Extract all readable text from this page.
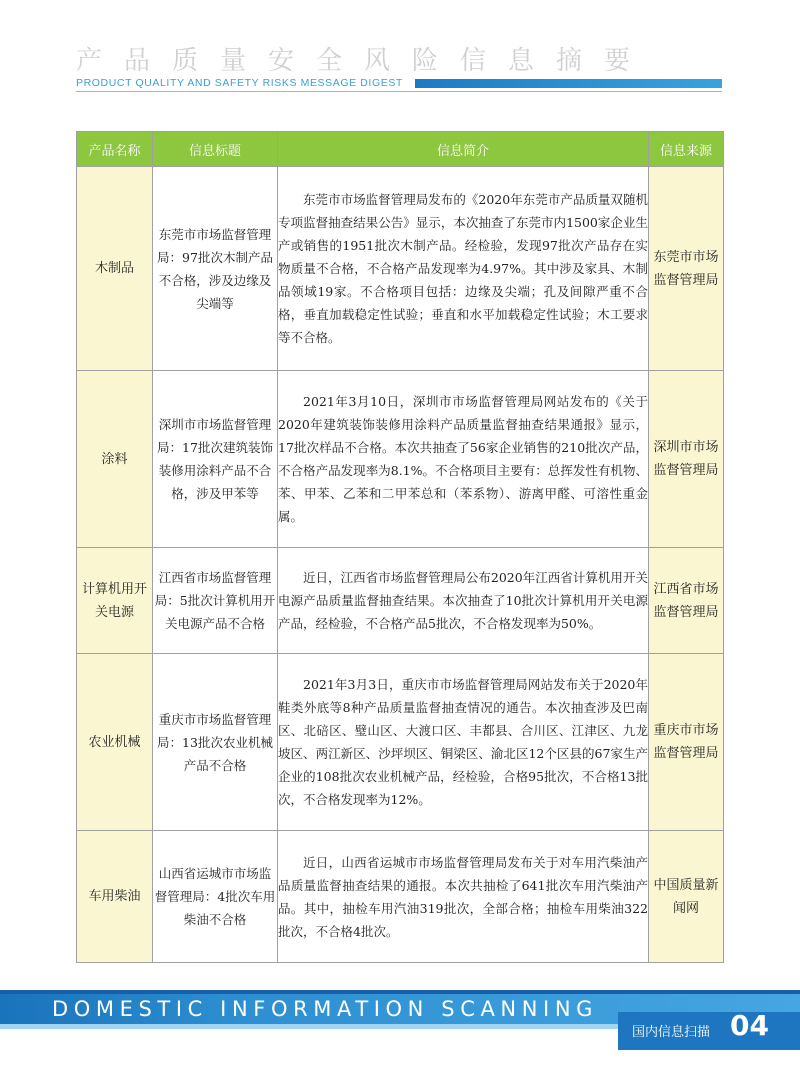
产品质量安全风险信息摘要
PRODUCT QUALITY AND SAFETY RISKS MESSAGE DIGEST
产品名称	信息标题	信息简介	信息来源
木制品	东莞市市场监督管理局：97批次木制产品不合格，涉及边缘及尖端等	东莞市市场监督管理局发布的《2020年东莞市产品质量双随机专项监督抽查结果公告》显示，本次抽查了东莞市内1500家企业生产或销售的1951批次木制产品。经检验，发现97批次产品存在实物质量不合格，不合格产品发现率为4.97%。其中涉及家具、木制品领域19家。不合格项目包括：边缘及尖端；孔及间隙严重不合格，垂直加载稳定性试验；垂直和水平加载稳定性试验；木工要求等不合格。	东莞市市场监督管理局
涂料	深圳市市场监督管理局：17批次建筑装饰装修用涂料产品不合格，涉及甲苯等	2021年3月10日，深圳市市场监督管理局网站发布的《关于2020年建筑装饰装修用涂料产品质量监督抽查结果通报》显示，17批次样品不合格。本次共抽查了56家企业销售的210批次产品，不合格产品发现率为8.1%。不合格项目主要有：总挥发性有机物、苯、甲苯、乙苯和二甲苯总和（苯系物）、游离甲醛、可溶性重金属。	深圳市市场监督管理局
计算机用开关电源	江西省市场监督管理局：5批次计算机用开关电源产品不合格	近日，江西省市场监督管理局公布2020年江西省计算机用开关电源产品质量监督抽查结果。本次抽查了10批次计算机用开关电源产品，经检验，不合格产品5批次，不合格发现率为50%。	江西省市场监督管理局
农业机械	重庆市市场监督管理局：13批次农业机械产品不合格	2021年3月3日，重庆市市场监督管理局网站发布关于2020年鞋类外底等8种产品质量监督抽查情况的通告。本次抽查涉及巴南区、北碚区、璧山区、大渡口区、丰都县、合川区、江津区、九龙坡区、两江新区、沙坪坝区、铜梁区、渝北区12个区县的67家生产企业的108批次农业机械产品，经检验，合格95批次，不合格13批次，不合格发现率为12%。	重庆市市场监督管理局
车用柴油	山西省运城市市场监督管理局：4批次车用柴油不合格	近日，山西省运城市市场监督管理局发布关于对车用汽柴油产品质量监督抽查结果的通报。本次共抽检了641批次车用汽柴油产品。其中，抽检车用汽油319批次，全部合格；抽检车用柴油322批次，不合格4批次。	中国质量新闻网
DOMESTIC INFORMATION SCANNING
国内信息扫描 04
